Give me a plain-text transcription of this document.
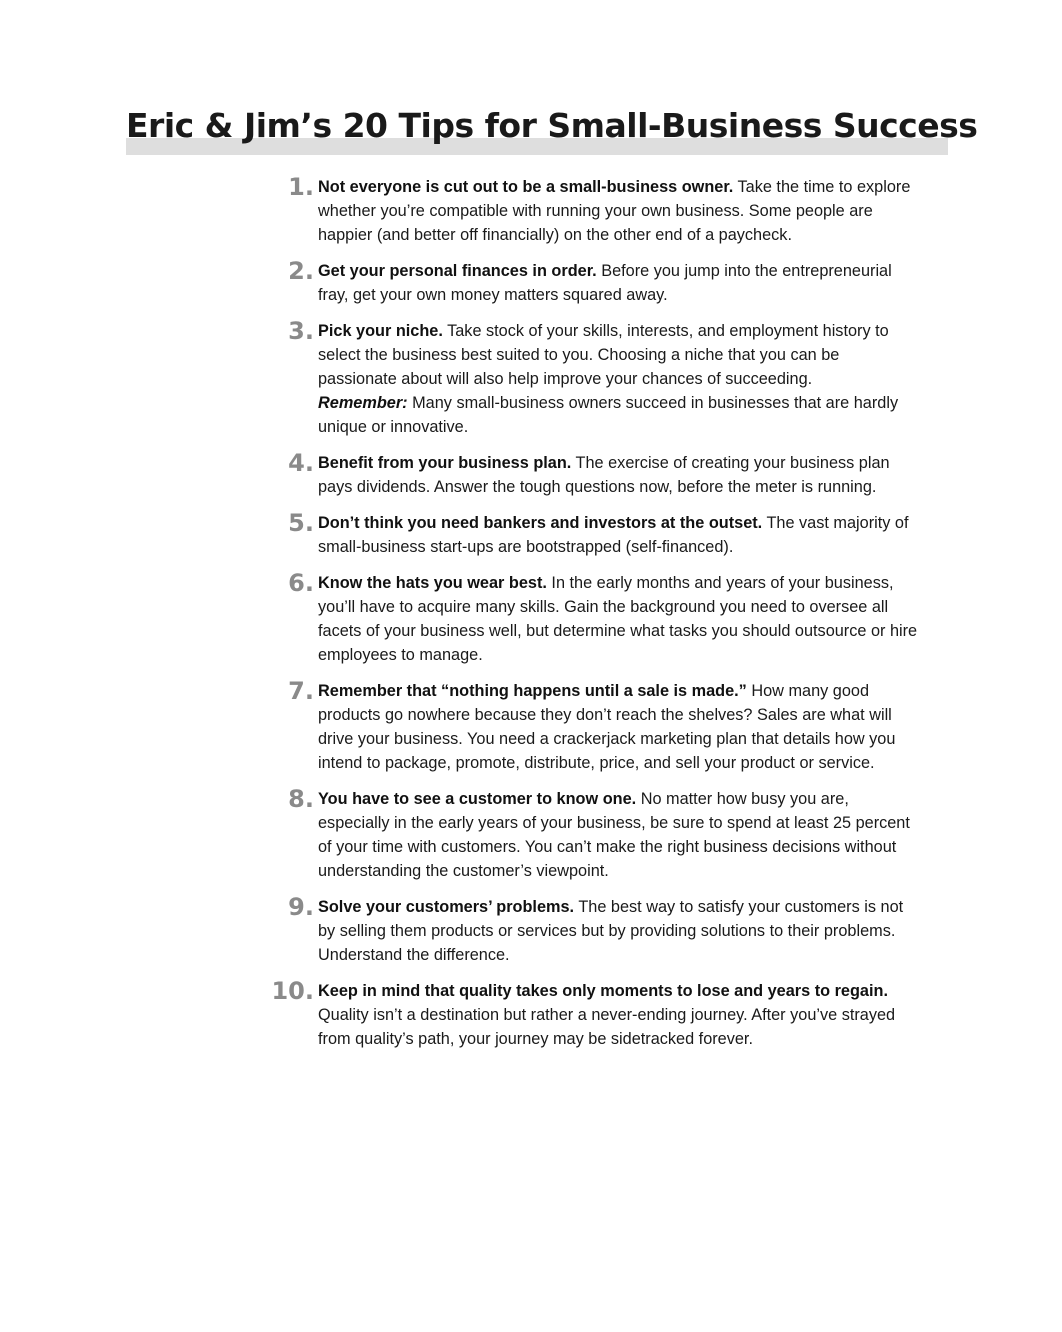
Eric & Jim’s 20 Tips for Small-Business Success
1. Not everyone is cut out to be a small-business owner. Take the time to explore whether you’re compatible with running your own business. Some people are happier (and better off financially) on the other end of a paycheck.
2. Get your personal finances in order. Before you jump into the entrepreneurial fray, get your own money matters squared away.
3. Pick your niche. Take stock of your skills, interests, and employment history to select the business best suited to you. Choosing a niche that you can be passionate about will also help improve your chances of succeeding.
Remember: Many small-business owners succeed in businesses that are hardly unique or innovative.
4. Benefit from your business plan. The exercise of creating your business plan pays dividends. Answer the tough questions now, before the meter is running.
5. Don’t think you need bankers and investors at the outset. The vast majority of small-business start-ups are bootstrapped (self-financed).
6. Know the hats you wear best. In the early months and years of your business, you’ll have to acquire many skills. Gain the background you need to oversee all facets of your business well, but determine what tasks you should outsource or hire employees to manage.
7. Remember that “nothing happens until a sale is made.” How many good products go nowhere because they don’t reach the shelves? Sales are what will drive your business. You need a crackerjack marketing plan that details how you intend to package, promote, distribute, price, and sell your product or service.
8. You have to see a customer to know one. No matter how busy you are, especially in the early years of your business, be sure to spend at least 25 percent of your time with customers. You can’t make the right business decisions without understanding the customer’s viewpoint.
9. Solve your customers’ problems. The best way to satisfy your customers is not by selling them products or services but by providing solutions to their problems. Understand the difference.
10. Keep in mind that quality takes only moments to lose and years to regain. Quality isn’t a destination but rather a never-ending journey. After you’ve strayed from quality’s path, your journey may be sidetracked forever.
